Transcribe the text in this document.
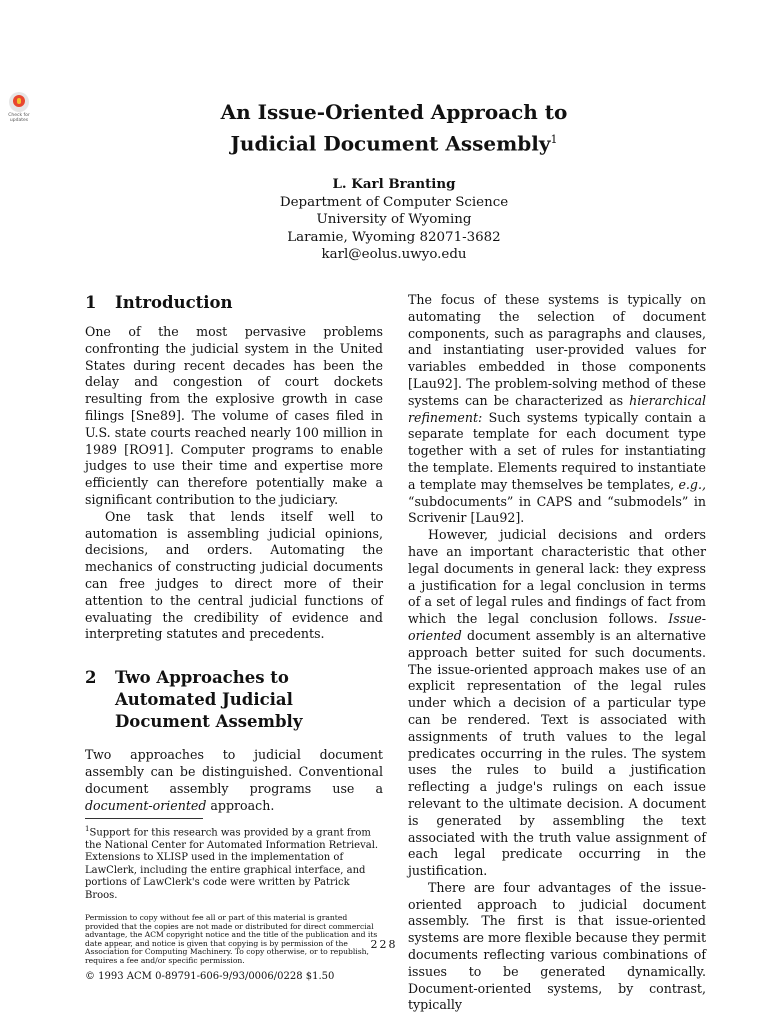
Check for
updates	An Issue-Oriented Approach to
Judicial Document Assembly$^1$
L. Karl Branting
Department of Computer Science
University of Wyoming
Laramie, Wyoming 82071-3682
karl@eolus.uwyo.edu
1	Introduction

One of the most pervasive problems confronting the judicial system in the United States during recent decades has been the delay and congestion of court dockets resulting from the explosive growth in case filings [Sne89]. The volume of cases filed in U.S. state courts reached nearly 100 million in 1989 [RO91]. Computer programs to enable judges to use their time and expertise more efficiently can therefore potentially make a significant contribution to the judiciary.

One task that lends itself well to automation is assembling judicial opinions, decisions, and orders. Automating the mechanics of constructing judicial documents can free judges to direct more of their attention to the central judicial functions of evaluating the credibility of evidence and interpreting statutes and precedents.

2	Two Approaches to Automated Judicial Document Assembly

Two approaches to judicial document assembly can be distinguished. Conventional document assembly programs use a document-oriented approach.

$^1$Support for this research was provided by a grant from the National Center for Automated Information Retrieval. Extensions to XLISP used in the implementation of LawClerk, including the entire graphical interface, and portions of LawClerk's code were written by Patrick Broos.
Permission to copy without fee all or part of this material is granted provided that the copies are not made or distributed for direct commercial advantage, the ACM copyright notice and the title of the publication and its date appear, and notice is given that copying is by permission of the Association for Computing Machinery. To copy otherwise, or to republish, requires a fee and/or specific permission.
© 1993 ACM 0-89791-606-9/93/0006/0228 $1.50

The focus of these systems is typically on automating the selection of document components, such as paragraphs and clauses, and instantiating user-provided values for variables embedded in those components [Lau92]. The problem-solving method of these systems can be characterized as hierarchical refinement: Such systems typically contain a separate template for each document type together with a set of rules for instantiating the template. Elements required to instantiate a template may themselves be templates, e.g., “subdocuments” in CAPS and “submodels” in Scrivenir [Lau92].

However, judicial decisions and orders have an important characteristic that other legal documents in general lack: they express a justification for a legal conclusion in terms of a set of legal rules and findings of fact from which the legal conclusion follows. Issue-oriented document assembly is an alternative approach better suited for such documents. The issue-oriented approach makes use of an explicit representation of the legal rules under which a decision of a particular type can be rendered. Text is associated with assignments of truth values to the legal predicates occurring in the rules. The system uses the rules to build a justification reflecting a judge's rulings on each issue relevant to the ultimate decision. A document is generated by assembling the text associated with the truth value assignment of each legal predicate occurring in the justification.

There are four advantages of the issue-oriented approach to judicial document assembly. The first is that issue-oriented systems are more flexible because they permit documents reflecting various combinations of issues to be generated dynamically. Document-oriented systems, by contrast, typically

228
